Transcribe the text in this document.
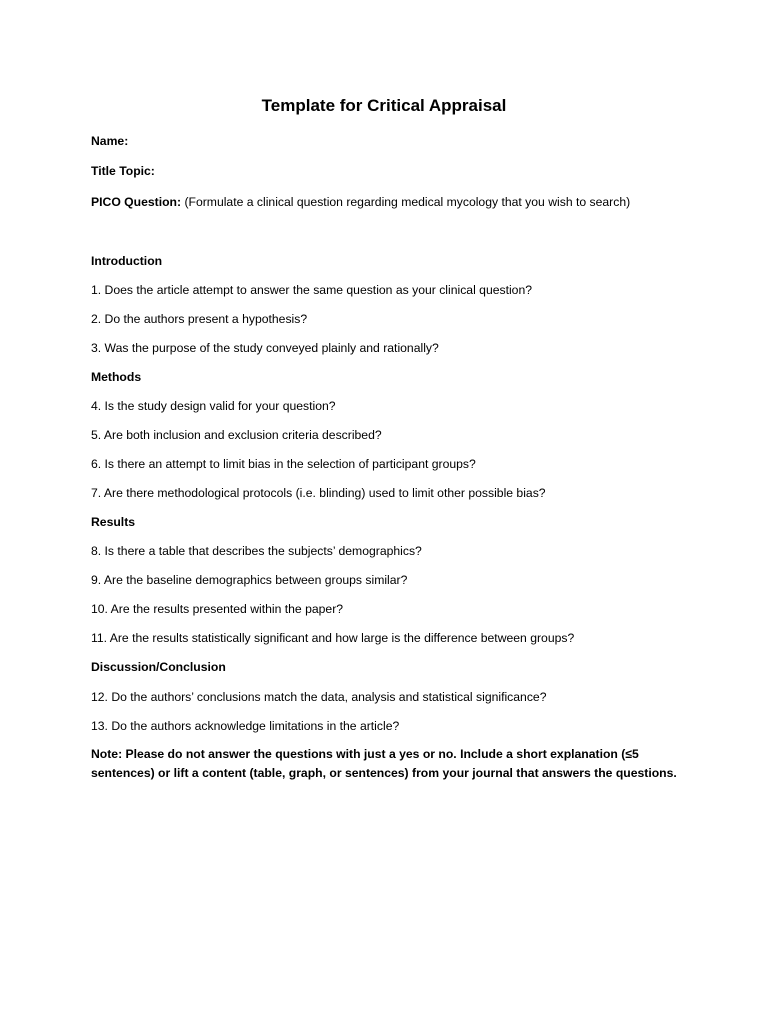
Template for Critical Appraisal
Name:
Title Topic:
PICO Question: (Formulate a clinical question regarding medical mycology that you wish to search)
Introduction
1. Does the article attempt to answer the same question as your clinical question?
2. Do the authors present a hypothesis?
3. Was the purpose of the study conveyed plainly and rationally?
Methods
4. Is the study design valid for your question?
5. Are both inclusion and exclusion criteria described?
6. Is there an attempt to limit bias in the selection of participant groups?
7. Are there methodological protocols (i.e. blinding) used to limit other possible bias?
Results
8. Is there a table that describes the subjects’ demographics?
9. Are the baseline demographics between groups similar?
10. Are the results presented within the paper?
11. Are the results statistically significant and how large is the difference between groups?
Discussion/Conclusion
12. Do the authors’ conclusions match the data, analysis and statistical significance?
13. Do the authors acknowledge limitations in the article?
Note: Please do not answer the questions with just a yes or no. Include a short explanation (≤5 sentences) or lift a content (table, graph, or sentences) from your journal that answers the questions.
